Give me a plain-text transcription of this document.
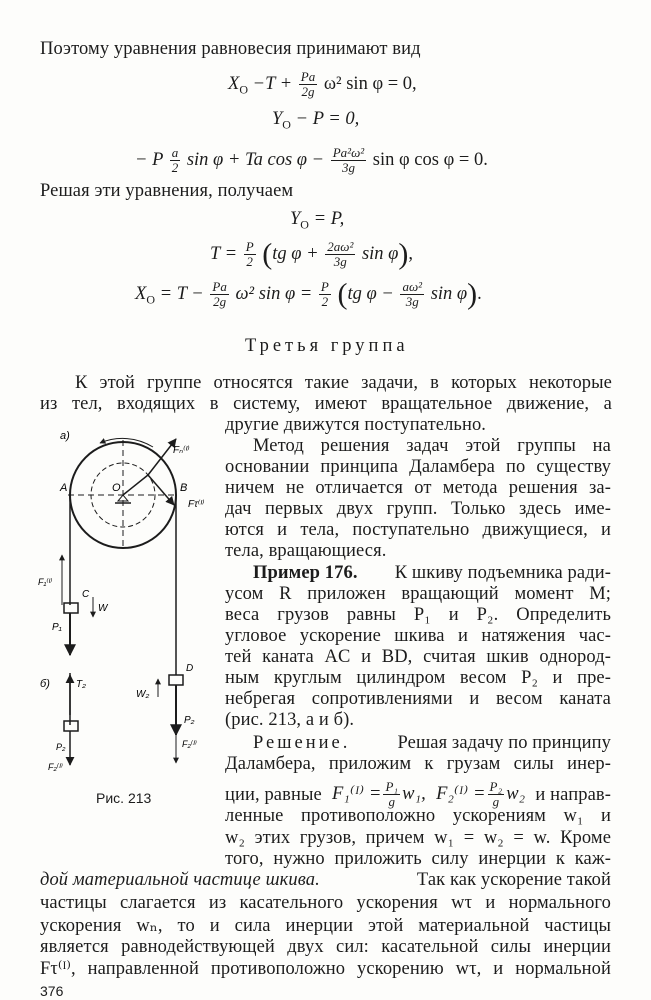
Поэтому уравнения равновесия принимают вид
$X_O -T + \frac{Pa}{2g} \omega^2$ sin φ = 0,
$Y_O - P = 0$,
− P $\frac{a}{2}$ sin φ + Ta $\cos \varphi - \frac{\text{Pa²ω²}}{3g}$ sin φ cos φ = 0.
Решая эти уравнения, получаем
$Y_O = P$,
$T = \frac{P}{2} (tg$ $\varphi + \frac{\text{2aω²}}{3g}$ sin φ),
$X_O = T - \frac{Pa}{2g} \omega^2$ $\sin \varphi = \frac{P}{2} (tg$ $\varphi - \frac{\text{aω²}}{3g}$ sin φ).
Третья группа
К этой группе относятся такие задачи, в которых некоторые
из тел, входящих в систему, имеют вращательное движение, а
другие движутся поступательно.
Метод решения задач этой группы на
основании принципа Даламбера по существу
ничем не отличается от метода решения за-
дач первых двух групп. Только здесь име-
ются и тела, поступательно движущиеся, и
тела, вращающиеся.
Пример 176. К шкиву подъемника ради-
усом R приложен вращающий момент M;
веса грузов равны P₁ и P₂. Определить
угловое ускорение шкива и натяжения час-
тей каната AC и BD, считая шкив однород-
ным круглым цилиндром весом P₂ и пре-
небрегая сопротивлениями и весом каната
(рис. 213, а и б).
Решение.	Решая задачу по принципу
Даламбера, приложим к грузам силы инер-
ции, равные F₁⁽ᴵ⁾ = $\frac{\text{P₁}}{g} w_1$, F₂⁽ᴵ⁾ = $\frac{\text{P₂}}{g} w_2$ и направ-
ленные противоположно ускорениям w₁ и
w₂ этих грузов, причем w₁ = w₂ = w. Кроме
того, нужно приложить силу инерции к каж-
дой материальной частице шкива.	Так как ускорение такой
частицы слагается из касательного ускорения wτ и нормального
ускорения wₙ, то и сила инерции этой материальной частицы
является равнодействующей двух сил: касательной силы инерции
Fτ⁽ᴵ⁾, направленной противоположно ускорению wτ, и нормальной
а)
O
Fₙ⁽ᴵ⁾
Fτ⁽ᴵ⁾
A	B
F₁⁽ᴵ⁾
C
W
P₁
б)	T₂
P₂
F₂⁽ᴵ⁾
D
W₂
P₂
F₂⁽ᴵ⁾
Рис. 213
376
